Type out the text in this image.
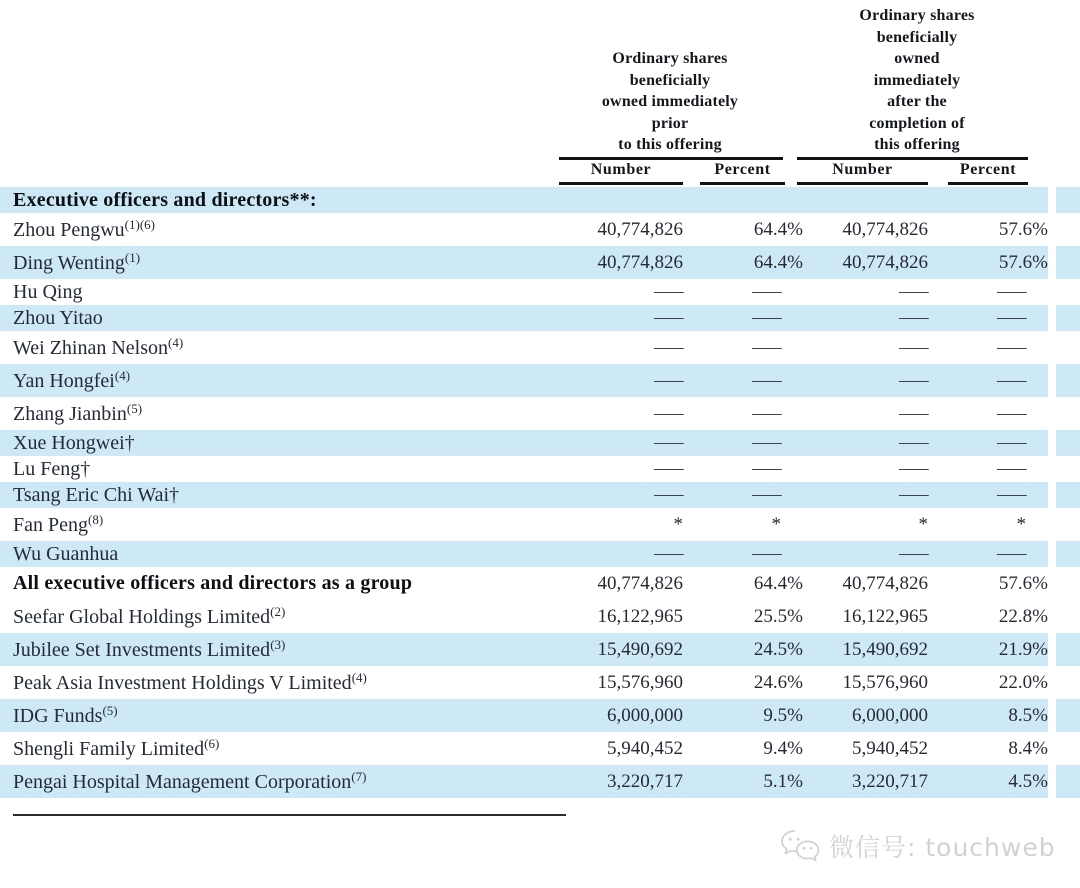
Ordinary shares
beneficially
owned immediately
prior
to this offering
Ordinary shares
beneficially
owned
immediately
after the
completion of
this offering
Number	Percent	Number	Percent
Executive officers and directors**:
Zhou Pengwu$^{(1)(6)}$	40,774,826	64.4%	40,774,826	57.6%
Ding Wenting$^{(1)}$	40,774,826	64.4%	40,774,826	57.6%
Hu Qing	—	—	—	—
Zhou Yitao	—	—	—	—
Wei Zhinan Nelson$^{(4)}$	—	—	—	—
Yan Hongfei$^{(4)}$	—	—	—	—
Zhang Jianbin$^{(5)}$	—	—	—	—
Xue Hongwei†	—	—	—	—
Lu Feng†	—	—	—	—
Tsang Eric Chi Wai†	—	—	—	—
Fan Peng$^{(8)}$	*	*	*	*
Wu Guanhua	—	—	—	—
All executive officers and directors as a group	40,774,826	64.4%	40,774,826	57.6%
Seefar Global Holdings Limited$^{(2)}$	16,122,965	25.5%	16,122,965	22.8%
Jubilee Set Investments Limited$^{(3)}$	15,490,692	24.5%	15,490,692	21.9%
Peak Asia Investment Holdings V Limited$^{(4)}$	15,576,960	24.6%	15,576,960	22.0%
IDG Funds$^{(5)}$	6,000,000	9.5%	6,000,000	8.5%
Shengli Family Limited$^{(6)}$	5,940,452	9.4%	5,940,452	8.4%
Pengai Hospital Management Corporation$^{(7)}$	3,220,717	5.1%	3,220,717	4.5%
微信号: touchweb
